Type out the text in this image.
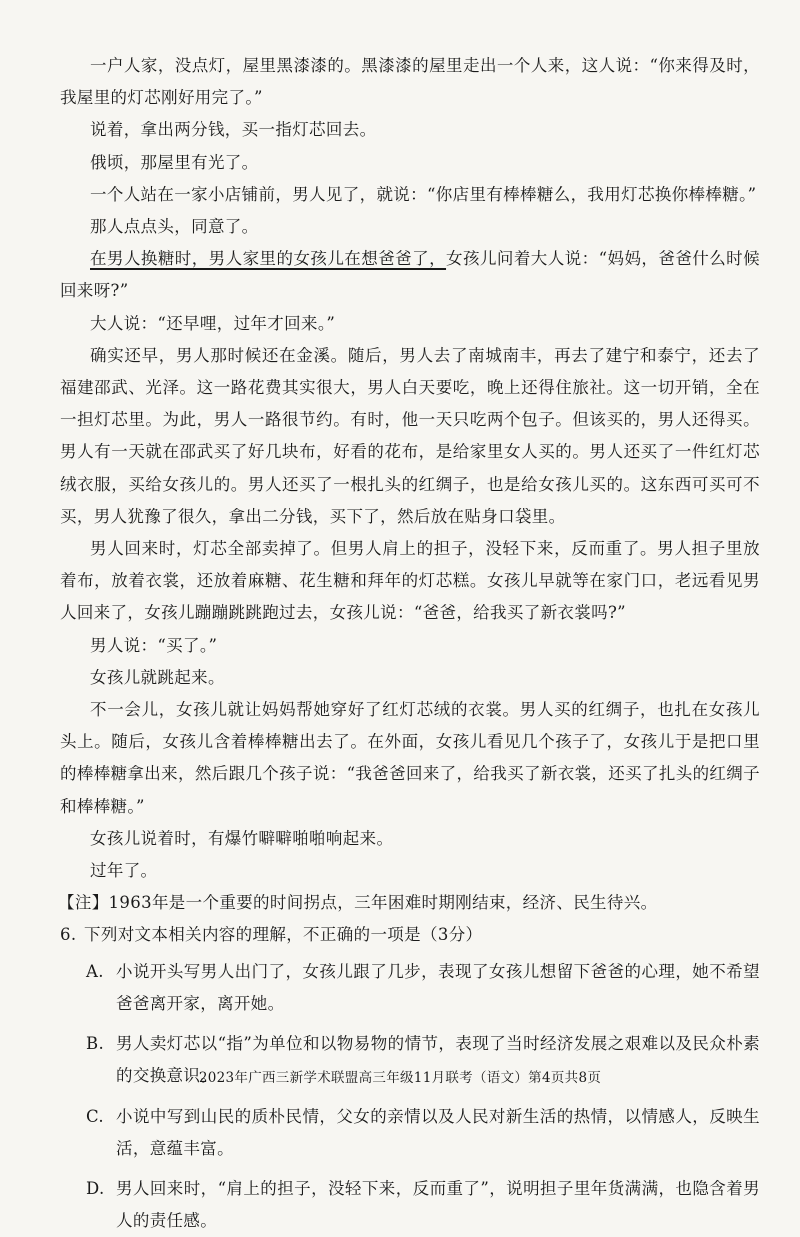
一户人家，没点灯，屋里黑漆漆的。黑漆漆的屋里走出一个人来，这人说：“你来得及时，我屋里的灯芯刚好用完了。”

说着，拿出两分钱，买一指灯芯回去。

俄顷，那屋里有光了。

一个人站在一家小店铺前，男人见了，就说：“你店里有棒棒糖么，我用灯芯换你棒棒糖。”

那人点点头，同意了。

在男人换糖时，男人家里的女孩儿在想爸爸了，女孩儿问着大人说：“妈妈，爸爸什么时候回来呀?”

大人说：“还早哩，过年才回来。”

确实还早，男人那时候还在金溪。随后，男人去了南城南丰，再去了建宁和泰宁，还去了福建邵武、光泽。这一路花费其实很大，男人白天要吃，晚上还得住旅社。这一切开销，全在一担灯芯里。为此，男人一路很节约。有时，他一天只吃两个包子。但该买的，男人还得买。男人有一天就在邵武买了好几块布，好看的花布，是给家里女人买的。男人还买了一件红灯芯绒衣服，买给女孩儿的。男人还买了一根扎头的红绸子，也是给女孩儿买的。这东西可买可不买，男人犹豫了很久，拿出二分钱，买下了，然后放在贴身口袋里。

男人回来时，灯芯全部卖掉了。但男人肩上的担子，没轻下来，反而重了。男人担子里放着布，放着衣裳，还放着麻糖、花生糖和拜年的灯芯糕。女孩儿早就等在家门口，老远看见男人回来了，女孩儿蹦蹦跳跳跑过去，女孩儿说：“爸爸，给我买了新衣裳吗?”

男人说：“买了。”

女孩儿就跳起来。

不一会儿，女孩儿就让妈妈帮她穿好了红灯芯绒的衣裳。男人买的红绸子，也扎在女孩儿头上。随后，女孩儿含着棒棒糖出去了。在外面，女孩儿看见几个孩子了，女孩儿于是把口里的棒棒糖拿出来，然后跟几个孩子说：“我爸爸回来了，给我买了新衣裳，还买了扎头的红绸子和棒棒糖。”

女孩儿说着时，有爆竹噼噼啪啪响起来。

过年了。

【注】1963年是一个重要的时间拐点，三年困难时期刚结束，经济、民生待兴。

6. 下列对文本相关内容的理解，不正确的一项是（3分）

A. 小说开头写男人出门了，女孩儿跟了几步，表现了女孩儿想留下爸爸的心理，她不希望爸爸离开家，离开她。

B. 男人卖灯芯以“指”为单位和以物易物的情节，表现了当时经济发展之艰难以及民众朴素的交换意识。

C. 小说中写到山民的质朴民情，父女的亲情以及人民对新生活的热情，以情感人，反映生活，意蕴丰富。

D. 男人回来时，“肩上的担子，没轻下来，反而重了”，说明担子里年货满满，也隐含着男人的责任感。

2023年广西三新学术联盟高三年级11月联考（语文）第4页共8页
